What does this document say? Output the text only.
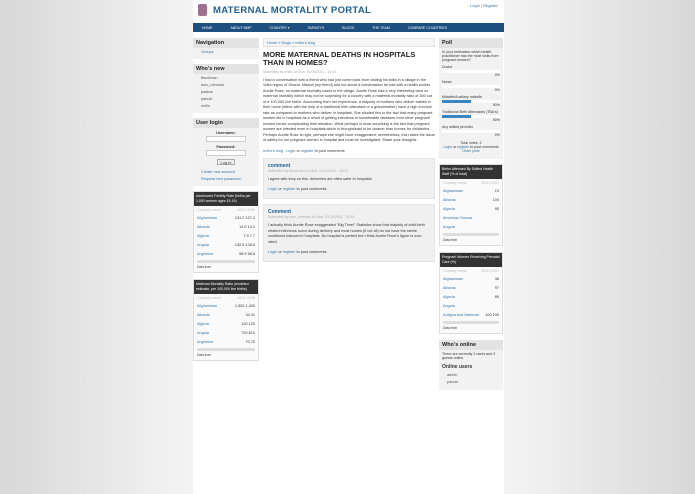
MATERNAL MORTALITY PORTAL	Login | Register
HOME	ABOUT MMP	COUNTRY ▾	SURVEYS	BLOGS	THE TEAM	COMPARE COUNTRIES
Navigation
Groups
Who's new
fbuckman
tonu_mensah
paalow
panuin
rmillo
User login
Username:
Password:
Log in
Create new account
Request new password
Adolescent Fertility Rate (births per 1,000 women ages 15-19)
Country name	2003 2005
Afghanistan	131.2 127.2
Albania	14.9 14.1
Algeria	7.9 7.7
Angola	132.5 128.6
Argentina	58.9 58.6
Data from
Maternal Mortality Ratio (modeled estimate, per 100,000 live births)
Country name	2005 2008
Afghanistan	1,500 1,400
Albania	34 31
Algeria	120 120
Angola	720 610
Argentina	70 70
Data from
Home » Blogs » rmillo's blog
MORE MATERNAL DEATHS IN HOSPITALS THAN IN HOMES?
Submitted by rmillo on Sun, 01/09/2011 - 10:34
I had a conversation with a friend who had just come back from visiting his folks in a village in the Volta region of Ghana. Mawuli (my friend) told me about a conversation he had with a health worker, Auntie Rose, on maternal mortality cases in the village. Auntie Rose had a very interesting view on maternal mortality which may not be surprising for a country with a maternal mortality ratio of 350 out of a 100,000 live births. Accounting from her experience, a majority of mothers who deliver babies in their home (either with the help of a traditional birth attendant or a grandmother) have a high survival rate as compared to mothers who deliver in hospitals. She alluded this to the fact that many pregnant women die in hospitals as a result of getting infections or transferable diseases from other pregnant women hence complicating their situation. What perhaps is most surprising is the fact that pregnant women are infected even in hospitals which is thought/said to be cleaner than homes for childbirths. Perhaps Auntie Rose is right, perhaps she might have exaggerated, nevertheless, this raises the issue of safety for our pregnant women in hospital and must be investigated. Share your thoughts.
rmillo's blog Login or register to post comments
comment
Submitted by fbuckman on Mon, 01/10/2011 - 05:23
i agree with tony on this. deliveries are often safer in hospitals.
Login or register to post comments
Comment
Submitted by tonu_mensah on Mon, 01/10/2011 - 03:30
I actually think Auntie Rose exaggerated "Big Time!" Statistics show that majority of child birth related infections occur during delivery and most homes (if not all) do not have the sterile conditions induced in hospitals. No hospital is perfect but I think Auntie Rose's figure is over-rated.
Login or register to post comments
Poll
In your estimation which health practitioner has the most visits from pregnant women?
Doctor
0%
Nurse
0%
Midwife/Auxiliary midwife
50%
Traditional Birth Attendants (TBA's)
50%
Any skilled provider
0%
Total votes: 2
Login or register to post comments
Older polls
Births Attended By Skilled Health Staff (% of total)
Country name	2000 2004
Afghanistan	19
Albania	100
Algeria	95
American Samoa
Angola
Data from
Pregnant Women Receiving Prenatal Care (%)
Country name	2000 2004
Afghanistan	36
Albania	97
Algeria	89
Angola
Antigua and Barbuda 100 100
Data from
Who's online
There are currently 2 users and 3 guests online.
Online users
admin
panuin
